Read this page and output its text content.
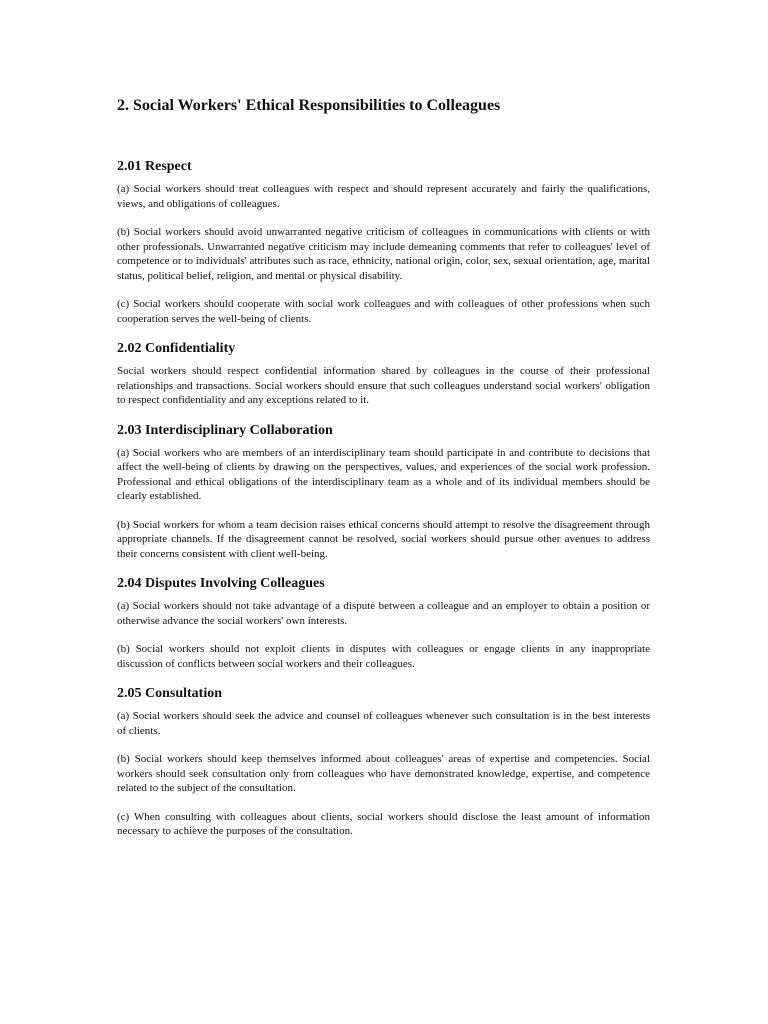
2. Social Workers' Ethical Responsibilities to Colleagues
2.01 Respect

(a) Social workers should treat colleagues with respect and should represent accurately and fairly the qualifications, views, and obligations of colleagues.

(b) Social workers should avoid unwarranted negative criticism of colleagues in communications with clients or with other professionals. Unwarranted negative criticism may include demeaning comments that refer to colleagues' level of competence or to individuals' attributes such as race, ethnicity, national origin, color, sex, sexual orientation, age, marital status, political belief, religion, and mental or physical disability.

(c) Social workers should cooperate with social work colleagues and with colleagues of other professions when such cooperation serves the well-being of clients.

2.02 Confidentiality

Social workers should respect confidential information shared by colleagues in the course of their professional relationships and transactions. Social workers should ensure that such colleagues understand social workers' obligation to respect confidentiality and any exceptions related to it.

2.03 Interdisciplinary Collaboration

(a) Social workers who are members of an interdisciplinary team should participate in and contribute to decisions that affect the well-being of clients by drawing on the perspectives, values, and experiences of the social work profession. Professional and ethical obligations of the interdisciplinary team as a whole and of its individual members should be clearly established.

(b) Social workers for whom a team decision raises ethical concerns should attempt to resolve the disagreement through appropriate channels. If the disagreement cannot be resolved, social workers should pursue other avenues to address their concerns consistent with client well-being.

2.04 Disputes Involving Colleagues

(a) Social workers should not take advantage of a dispute between a colleague and an employer to obtain a position or otherwise advance the social workers' own interests.

(b) Social workers should not exploit clients in disputes with colleagues or engage clients in any inappropriate discussion of conflicts between social workers and their colleagues.

2.05 Consultation

(a) Social workers should seek the advice and counsel of colleagues whenever such consultation is in the best interests of clients.

(b) Social workers should keep themselves informed about colleagues' areas of expertise and competencies. Social workers should seek consultation only from colleagues who have demonstrated knowledge, expertise, and competence related to the subject of the consultation.

(c) When consulting with colleagues about clients, social workers should disclose the least amount of information necessary to achieve the purposes of the consultation.
